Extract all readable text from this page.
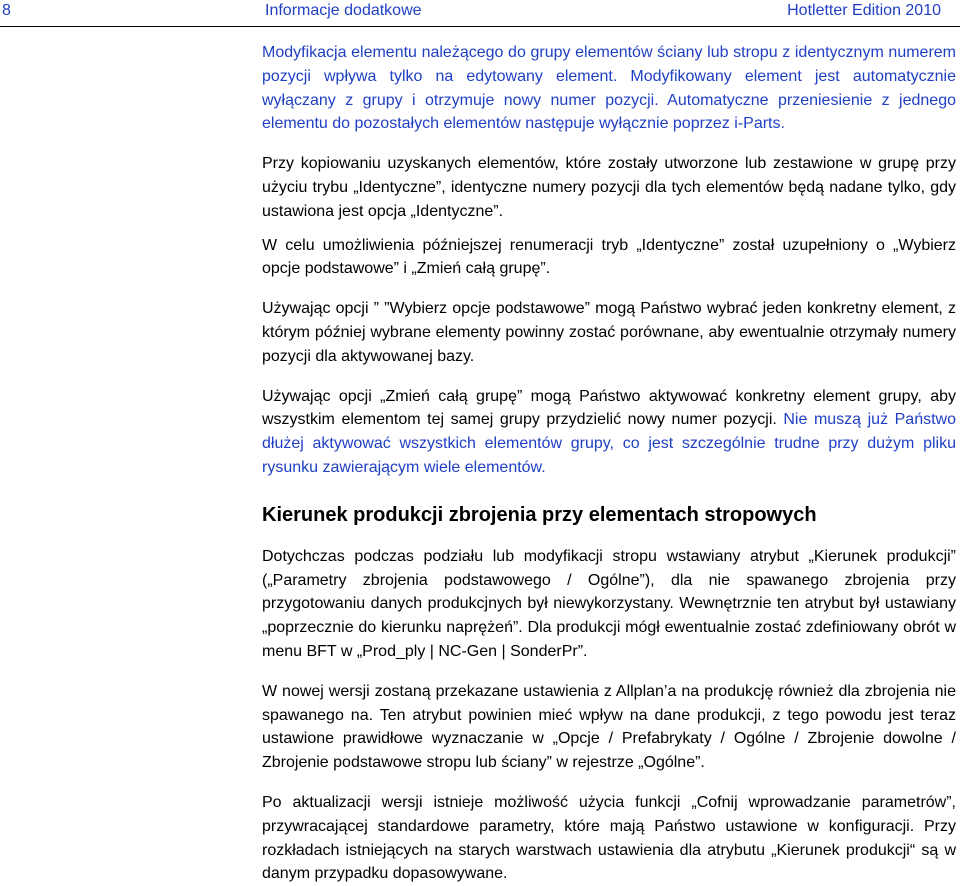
8	Informacje dodatkowe	Hotletter Edition 2010

Modyfikacja elementu należącego do grupy elementów ściany lub stropu z identycznym numerem pozycji wpływa tylko na edytowany element. Modyfikowany element jest automatycznie wyłączany z grupy i otrzymuje nowy numer pozycji. Automatyczne przeniesienie z jednego elementu do pozostałych elementów następuje wyłącznie poprzez i-Parts.

Przy kopiowaniu uzyskanych elementów, które zostały utworzone lub zestawione w grupę przy użyciu trybu „Identyczne”, identyczne numery pozycji dla tych elementów będą nadane tylko, gdy ustawiona jest opcja „Identyczne”.

W celu umożliwienia późniejszej renumeracji tryb „Identyczne” został uzupełniony o „Wybierz opcje podstawowe” i „Zmień całą grupę”.

Używając opcji ” ”Wybierz opcje podstawowe” mogą Państwo wybrać jeden konkretny element, z którym później wybrane elementy powinny zostać porównane, aby ewentualnie otrzymały numery pozycji dla aktywowanej bazy.

Używając opcji „Zmień całą grupę” mogą Państwo aktywować konkretny element grupy, aby wszystkim elementom tej samej grupy przydzielić nowy numer pozycji. Nie muszą już Państwo dłużej aktywować wszystkich elementów grupy, co jest szczególnie trudne przy dużym pliku rysunku zawierającym wiele elementów.

Kierunek produkcji zbrojenia przy elementach stropowych

Dotychczas podczas podziału lub modyfikacji stropu wstawiany atrybut „Kierunek produkcji” („Parametry zbrojenia podstawowego / Ogólne”), dla nie spawanego zbrojenia przy przygotowaniu danych produkcjnych był niewykorzystany. Wewnętrznie ten atrybut był ustawiany „poprzecznie do kierunku naprężeń”. Dla produkcji mógł ewentualnie zostać zdefiniowany obrót w menu BFT w „Prod_ply | NC-Gen | SonderPr”.

W nowej wersji zostaną przekazane ustawienia z Allplan’a na produkcję również dla zbrojenia nie spawanego na. Ten atrybut powinien mieć wpływ na dane produkcji, z tego powodu jest teraz ustawione prawidłowe wyznaczanie w „Opcje / Prefabrykaty / Ogólne / Zbrojenie dowolne / Zbrojenie podstawowe stropu lub ściany” w rejestrze „Ogólne”.

Po aktualizacji wersji istnieje możliwość użycia funkcji „Cofnij wprowadzanie parametrów”, przywracającej standardowe parametry, które mają Państwo ustawione w konfiguracji. Przy rozkładach istniejących na starych warstwach ustawienia dla atrybutu „Kierunek produkcji“ są w danym przypadku dopasowywane.
